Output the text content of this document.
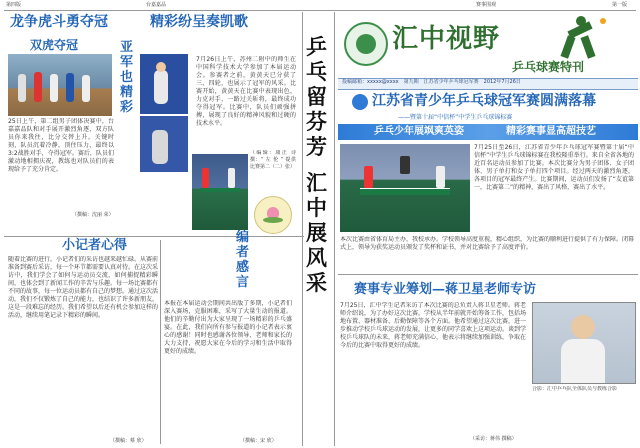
第四版	台嘉嘉品	赛事围观	第一版
龙争虎斗勇夺冠	精彩纷呈奏凯歌
双虎夺冠
25日上午，第二组男子团体决赛中，台嘉嘉品队和对手展开激烈角逐，双方队员你来我往，比分交替上升。关键时刻，队员沉着冷静，顶住压力，最终以3:2战胜对手，夺得冠军。赛后，队员们激动地相拥庆祝，教练也对队员们的表现给予了充分肯定。
（撰稿：沈丽 荣）
亚军也精彩
7月26日上午，苏州二附中的师生在中国科学技术大学参加了本届运动会。参赛者之前，黄黄天已分获了三、四轮，也展示了冠军的风采。比赛开始，黄黄天在比赛中表现出色，力克对手，一路过关斩将，最终成功夺得冠军。比赛中，队员们顽强拼搏，展现了良好的精神风貌和过硬的技术水平。
（编辑：康正 诗 撰：“ 左 伦 ” 提供 比赛第二（二）张）
小记者心得
随着比赛的进行，小记者们的采访也越来越忙碌。从赛前准备到赛后采访，每一个环节都需要认真对待。在这次采访中，我们学会了如何与运动员交流，如何捕捉精彩瞬间，也体会到了新闻工作的辛苦与乐趣。每一场比赛都有不同的故事，每一位运动员都有自己的梦想。通过这次活动，我们不仅锻炼了自己的能力，也结识了许多新朋友，这是一段难忘的经历。我们希望以后还有机会参加这样的活动，继续用笔记录下精彩的瞬间。
（撰稿：蔡 欣）
编者感言
本报在本届运动会期间共出版了多期，小记者们深入赛场，克服困难，采写了大量生动的报道。他们的辛勤付出为大家呈现了一场精彩的乒乓盛宴。在此，我们向所有参与报道的小记者表示衷心的感谢！同时也感谢各位领导、老师和家长的大力支持，祝愿大家在今后的学习和生活中取得更好的成绩。
（撰稿：宋 欣）
乒乓留芬芳
汇中展风采
汇中视野
乒乓球赛特刊
投稿邮箱：xxxxx@xxxx　第九期　江苏省少年乒乓球冠军赛　2012年7月26日
江苏省青少年乒乓球冠军赛圆满落幕
——暨第十届“中信杯”中学生乒乓球锦标赛
乒乓少年展飒爽英姿	精彩赛事显高超技艺
7月25日至26日，江苏省青少年乒乓球冠军赛暨第十届“中信杯”中学生乒乓球锦标赛在我校隆重举行。来自全省各地的近百名运动员参加了比赛。本次比赛分为男子团体、女子团体、男子单打和女子单打四个项目。经过两天的激烈角逐，各项目的冠军最终产生。比赛期间，运动员们发扬了“友谊第一，比赛第二”的精神，赛出了风格，赛出了水平。
本次比赛由省体育局主办，我校承办。学校领导高度重视，精心组织，为比赛的顺利进行提供了有力保障。闭幕式上，领导为获奖运动员颁发了奖杯和证书，并对比赛给予了高度评价。
赛事专业筹划—蒋卫星老师专访
7月25日，汇中学生记者采访了本次比赛的总负责人蒋卫星老师。蒋老师介绍说，为了办好这次比赛，学校从半年前就开始筹备工作，包括场地布置、器材准备、后勤保障等各个方面。他希望通过这次比赛，进一步推动学校乒乓球运动的发展，让更多的同学喜欢上这项运动。谈到学校乒乓球队的未来，蒋老师充满信心，他表示将继续加强训练，争取在今后的比赛中取得更好的成绩。
（采访：蒋伟 撰稿）
合影：汇中乒乓队全体队员与教练合影
